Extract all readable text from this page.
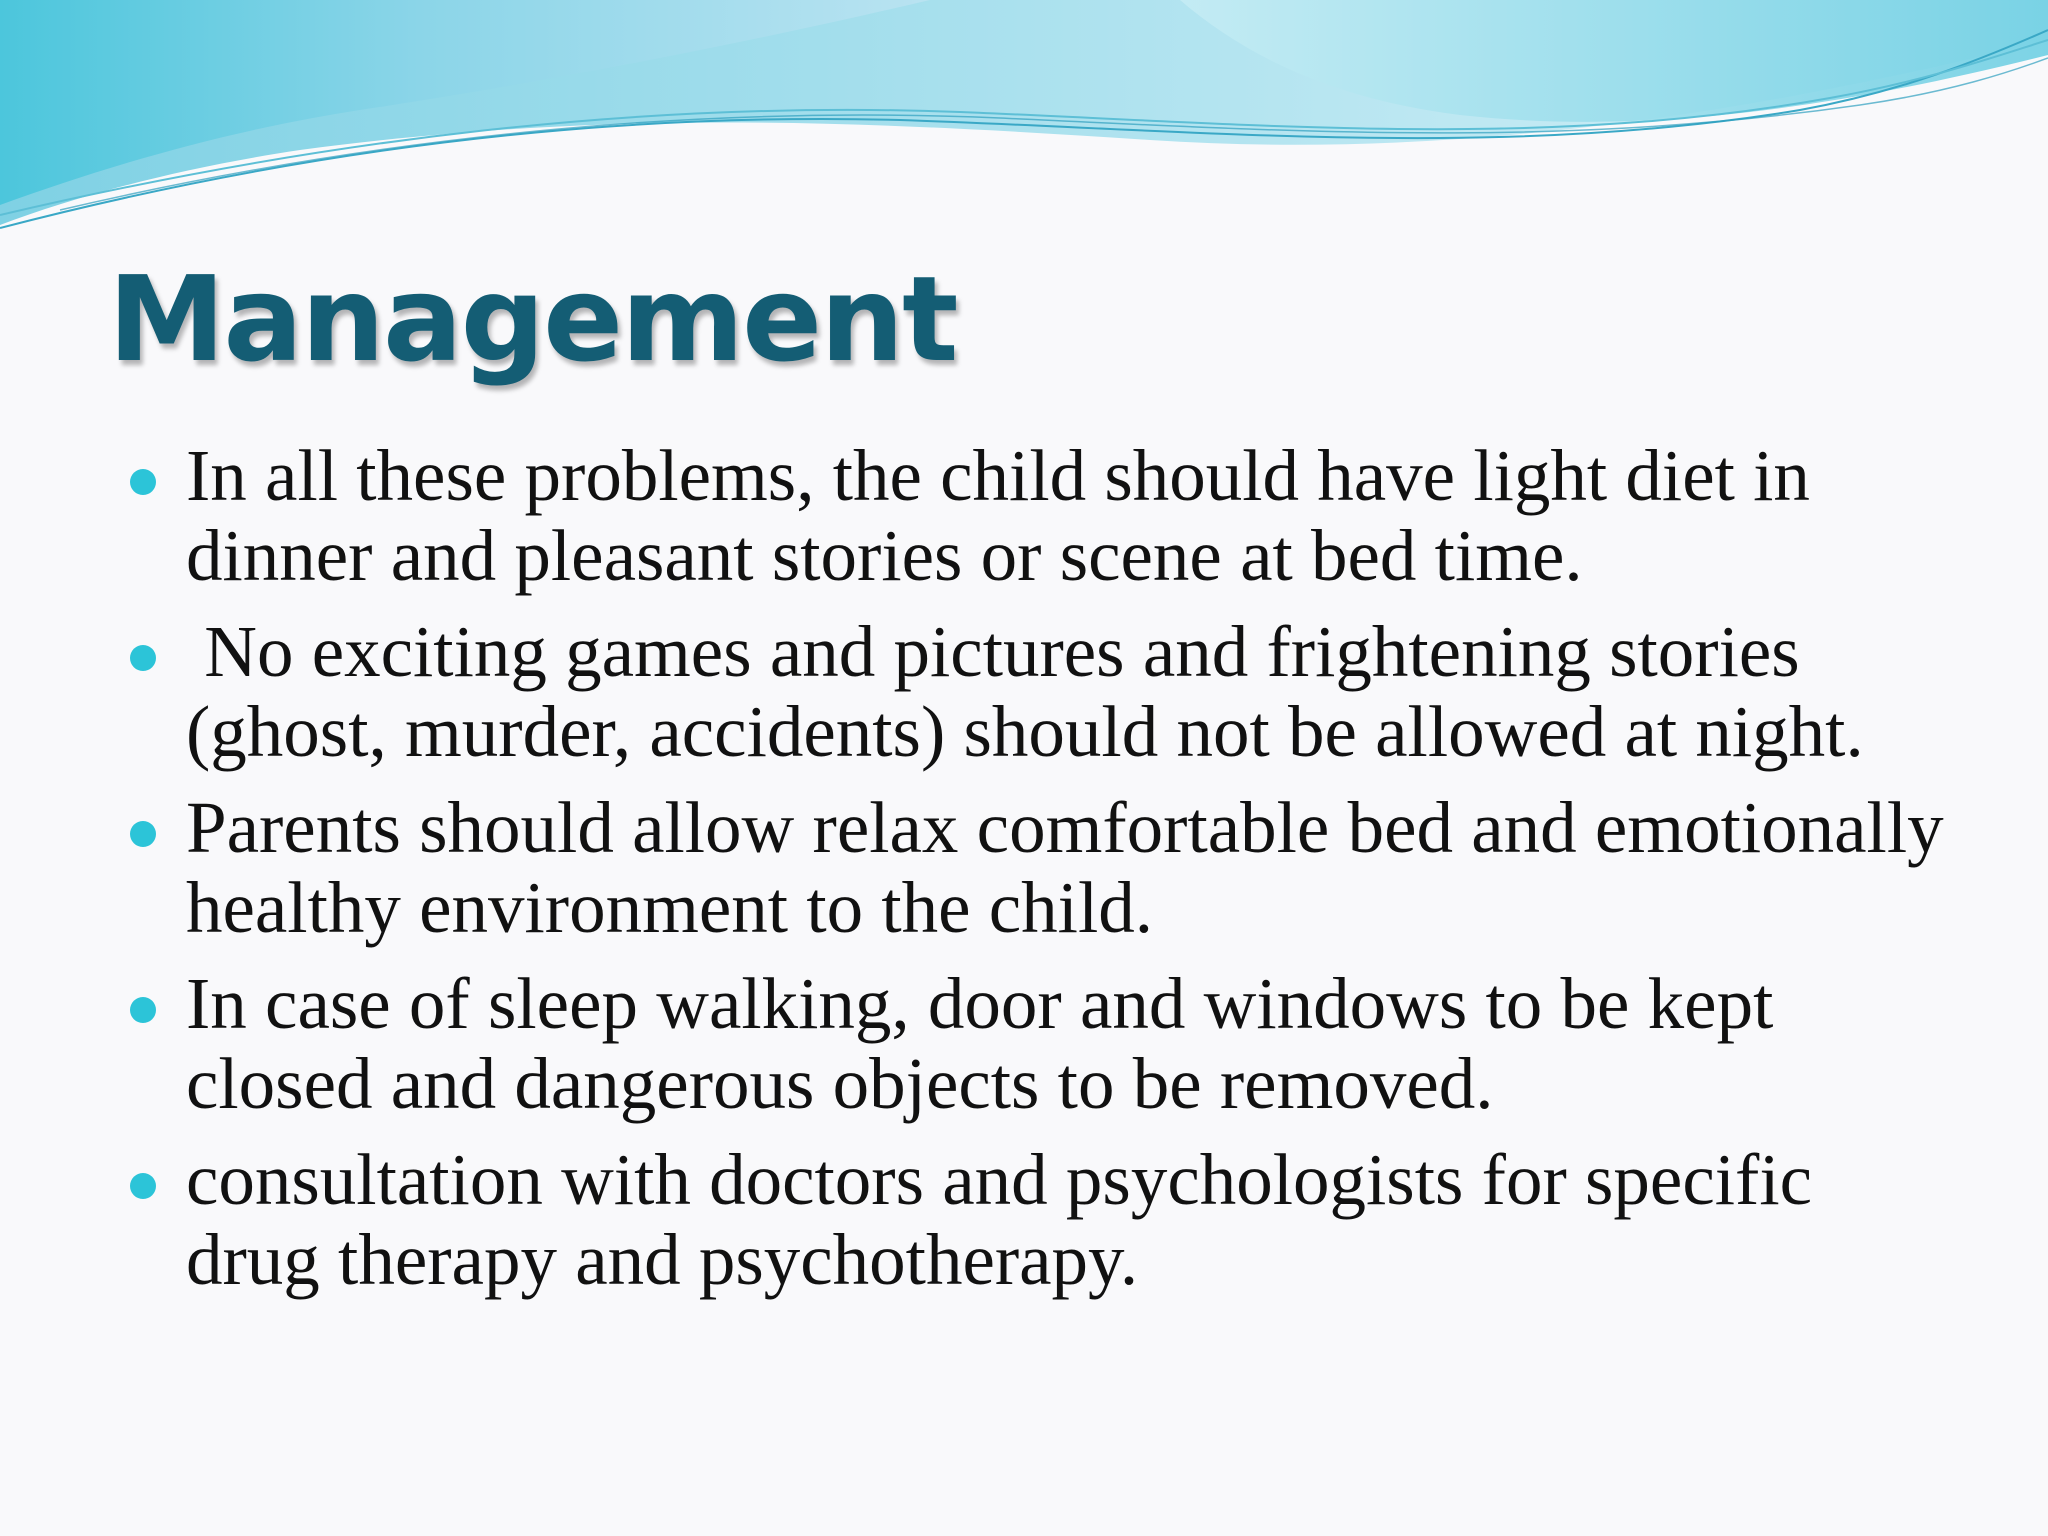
Management
In all these problems, the child should have light diet in dinner and pleasant stories or scene at bed time.
No exciting games and pictures and frightening stories (ghost, murder, accidents) should not be allowed at night.
Parents should allow relax comfortable bed and emotionally healthy environment to the child.
In case of sleep walking, door and windows to be kept closed and dangerous objects to be removed.
consultation with doctors and psychologists for specific drug therapy and psychotherapy.
